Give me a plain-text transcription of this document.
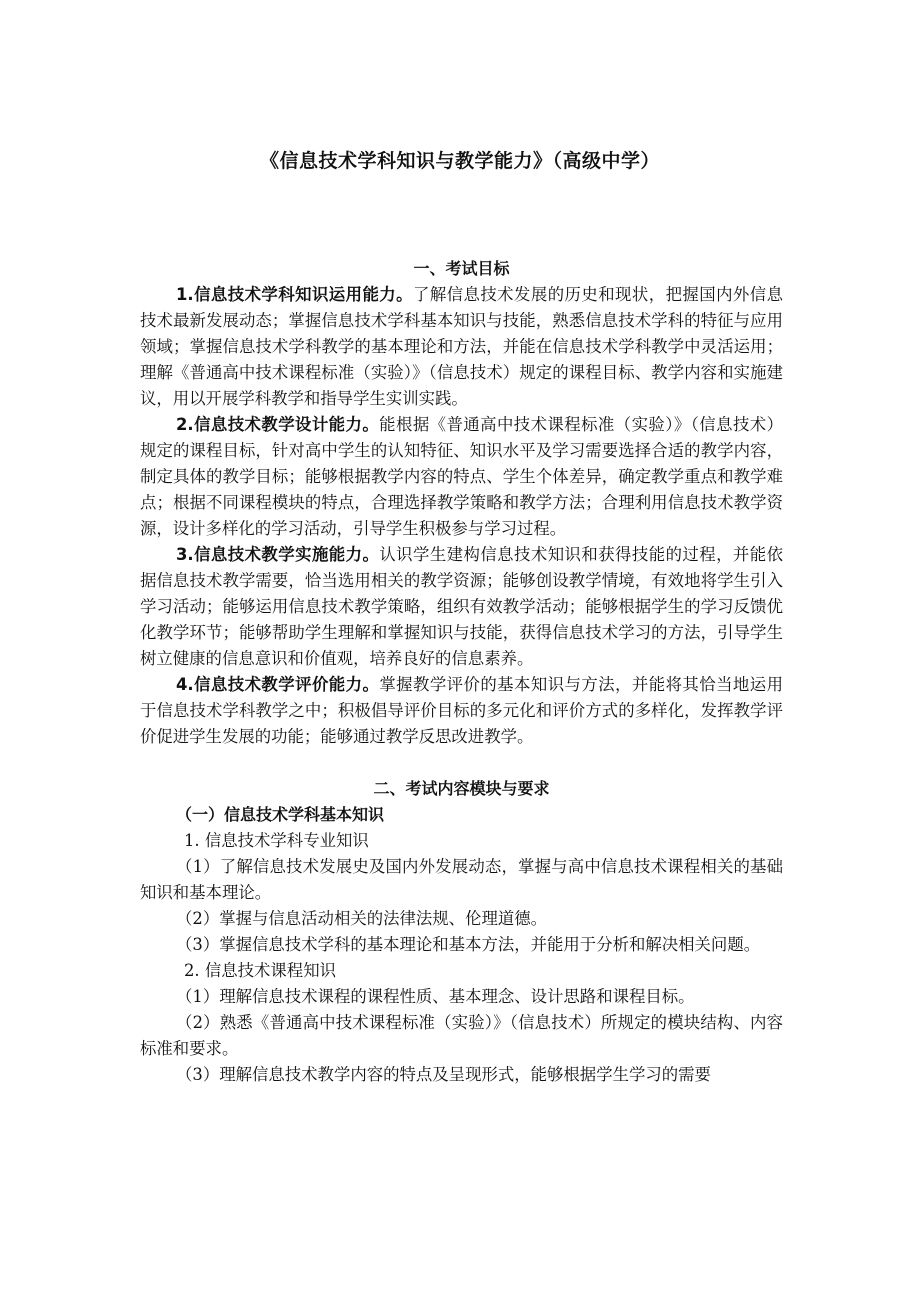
《信息技术学科知识与教学能力》（高级中学）
一、考试目标

1.信息技术学科知识运用能力。了解信息技术发展的历史和现状，把握国内外信息技术最新发展动态；掌握信息技术学科基本知识与技能，熟悉信息技术学科的特征与应用领域；掌握信息技术学科教学的基本理论和方法，并能在信息技术学科教学中灵活运用；理解《普通高中技术课程标准（实验）》（信息技术）规定的课程目标、教学内容和实施建议，用以开展学科教学和指导学生实训实践。

2.信息技术教学设计能力。能根据《普通高中技术课程标准（实验）》（信息技术）规定的课程目标，针对高中学生的认知特征、知识水平及学习需要选择合适的教学内容，制定具体的教学目标；能够根据教学内容的特点、学生个体差异，确定教学重点和教学难点；根据不同课程模块的特点，合理选择教学策略和教学方法；合理利用信息技术教学资源，设计多样化的学习活动，引导学生积极参与学习过程。

3.信息技术教学实施能力。认识学生建构信息技术知识和获得技能的过程，并能依据信息技术教学需要，恰当选用相关的教学资源；能够创设教学情境，有效地将学生引入学习活动；能够运用信息技术教学策略，组织有效教学活动；能够根据学生的学习反馈优化教学环节；能够帮助学生理解和掌握知识与技能，获得信息技术学习的方法，引导学生树立健康的信息意识和价值观，培养良好的信息素养。

4.信息技术教学评价能力。掌握教学评价的基本知识与方法，并能将其恰当地运用于信息技术学科教学之中；积极倡导评价目标的多元化和评价方式的多样化，发挥教学评价促进学生发展的功能；能够通过教学反思改进教学。

二、考试内容模块与要求

（一）信息技术学科基本知识

1. 信息技术学科专业知识

（1）了解信息技术发展史及国内外发展动态，掌握与高中信息技术课程相关的基础知识和基本理论。

（2）掌握与信息活动相关的法律法规、伦理道德。

（3）掌握信息技术学科的基本理论和基本方法，并能用于分析和解决相关问题。

2. 信息技术课程知识

（1）理解信息技术课程的课程性质、基本理念、设计思路和课程目标。

（2）熟悉《普通高中技术课程标准（实验）》（信息技术）所规定的模块结构、内容标准和要求。

（3）理解信息技术教学内容的特点及呈现形式，能够根据学生学习的需要
